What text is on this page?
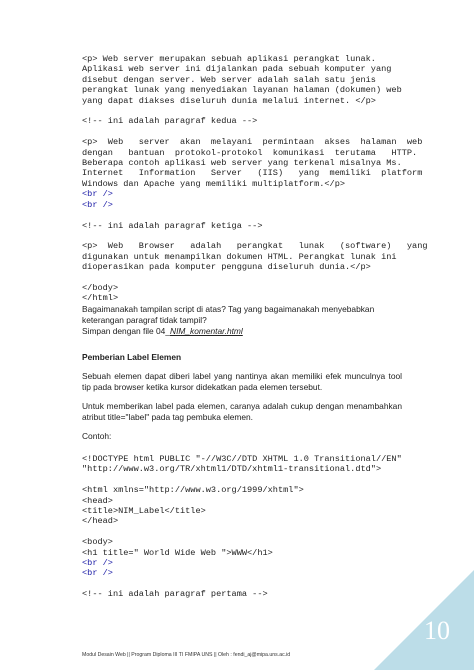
<p> Web server merupakan sebuah aplikasi perangkat lunak.
Aplikasi web server ini dijalankan pada sebuah komputer yang
disebut dengan server. Web server adalah salah satu jenis
perangkat lunak yang menyediakan layanan halaman (dokumen) web
yang dapat diakses diseluruh dunia melalui internet. </p>

<!-- ini adalah paragraf kedua -->

<p>  Web   server  akan  melayani  permintaan  akses  halaman  web
dengan   bantuan  protokol-protokol  komunikasi  terutama   HTTP.
Beberapa contoh aplikasi web server yang terkenal misalnya Ms.
Internet   Information   Server   (IIS)   yang  memiliki  platform
Windows dan Apache yang memiliki multiplatform.</p>
<br />
<br />

<!-- ini adalah paragraf ketiga -->

<p>  Web   Browser   adalah   perangkat   lunak   (software)   yang
digunakan untuk menampilkan dokumen HTML. Perangkat lunak ini
dioperasikan pada komputer pengguna diseluruh dunia.</p>

</body>
</html>

Bagaimanakah tampilan script di atas? Tag yang bagaimanakah menyebabkan keterangan paragraf tidak tampil?

Simpan dengan file 04_NIM_komentar.html

Pemberian Label Elemen

Sebuah elemen dapat diberi label yang nantinya akan memiliki efek munculnya tool tip pada browser ketika kursor didekatkan pada elemen tersebut.

Untuk memberikan label pada elemen, caranya adalah cukup dengan menambahkan atribut title="label" pada tag pembuka elemen.

Contoh:

<!DOCTYPE html PUBLIC "-//W3C//DTD XHTML 1.0 Transitional//EN"
"http://www.w3.org/TR/xhtml1/DTD/xhtml1-transitional.dtd">

<html xmlns="http://www.w3.org/1999/xhtml">
<head>
<title>NIM_Label</title>
</head>

<body>
<h1 title=" World Wide Web ">WWW</h1>
<br />
<br />

<!-- ini adalah paragraf pertama -->
Modul Desain Web || Program Diploma III TI FMIPA UNS || Oleh : fendi_aj@mipa.uns.ac.id
10
